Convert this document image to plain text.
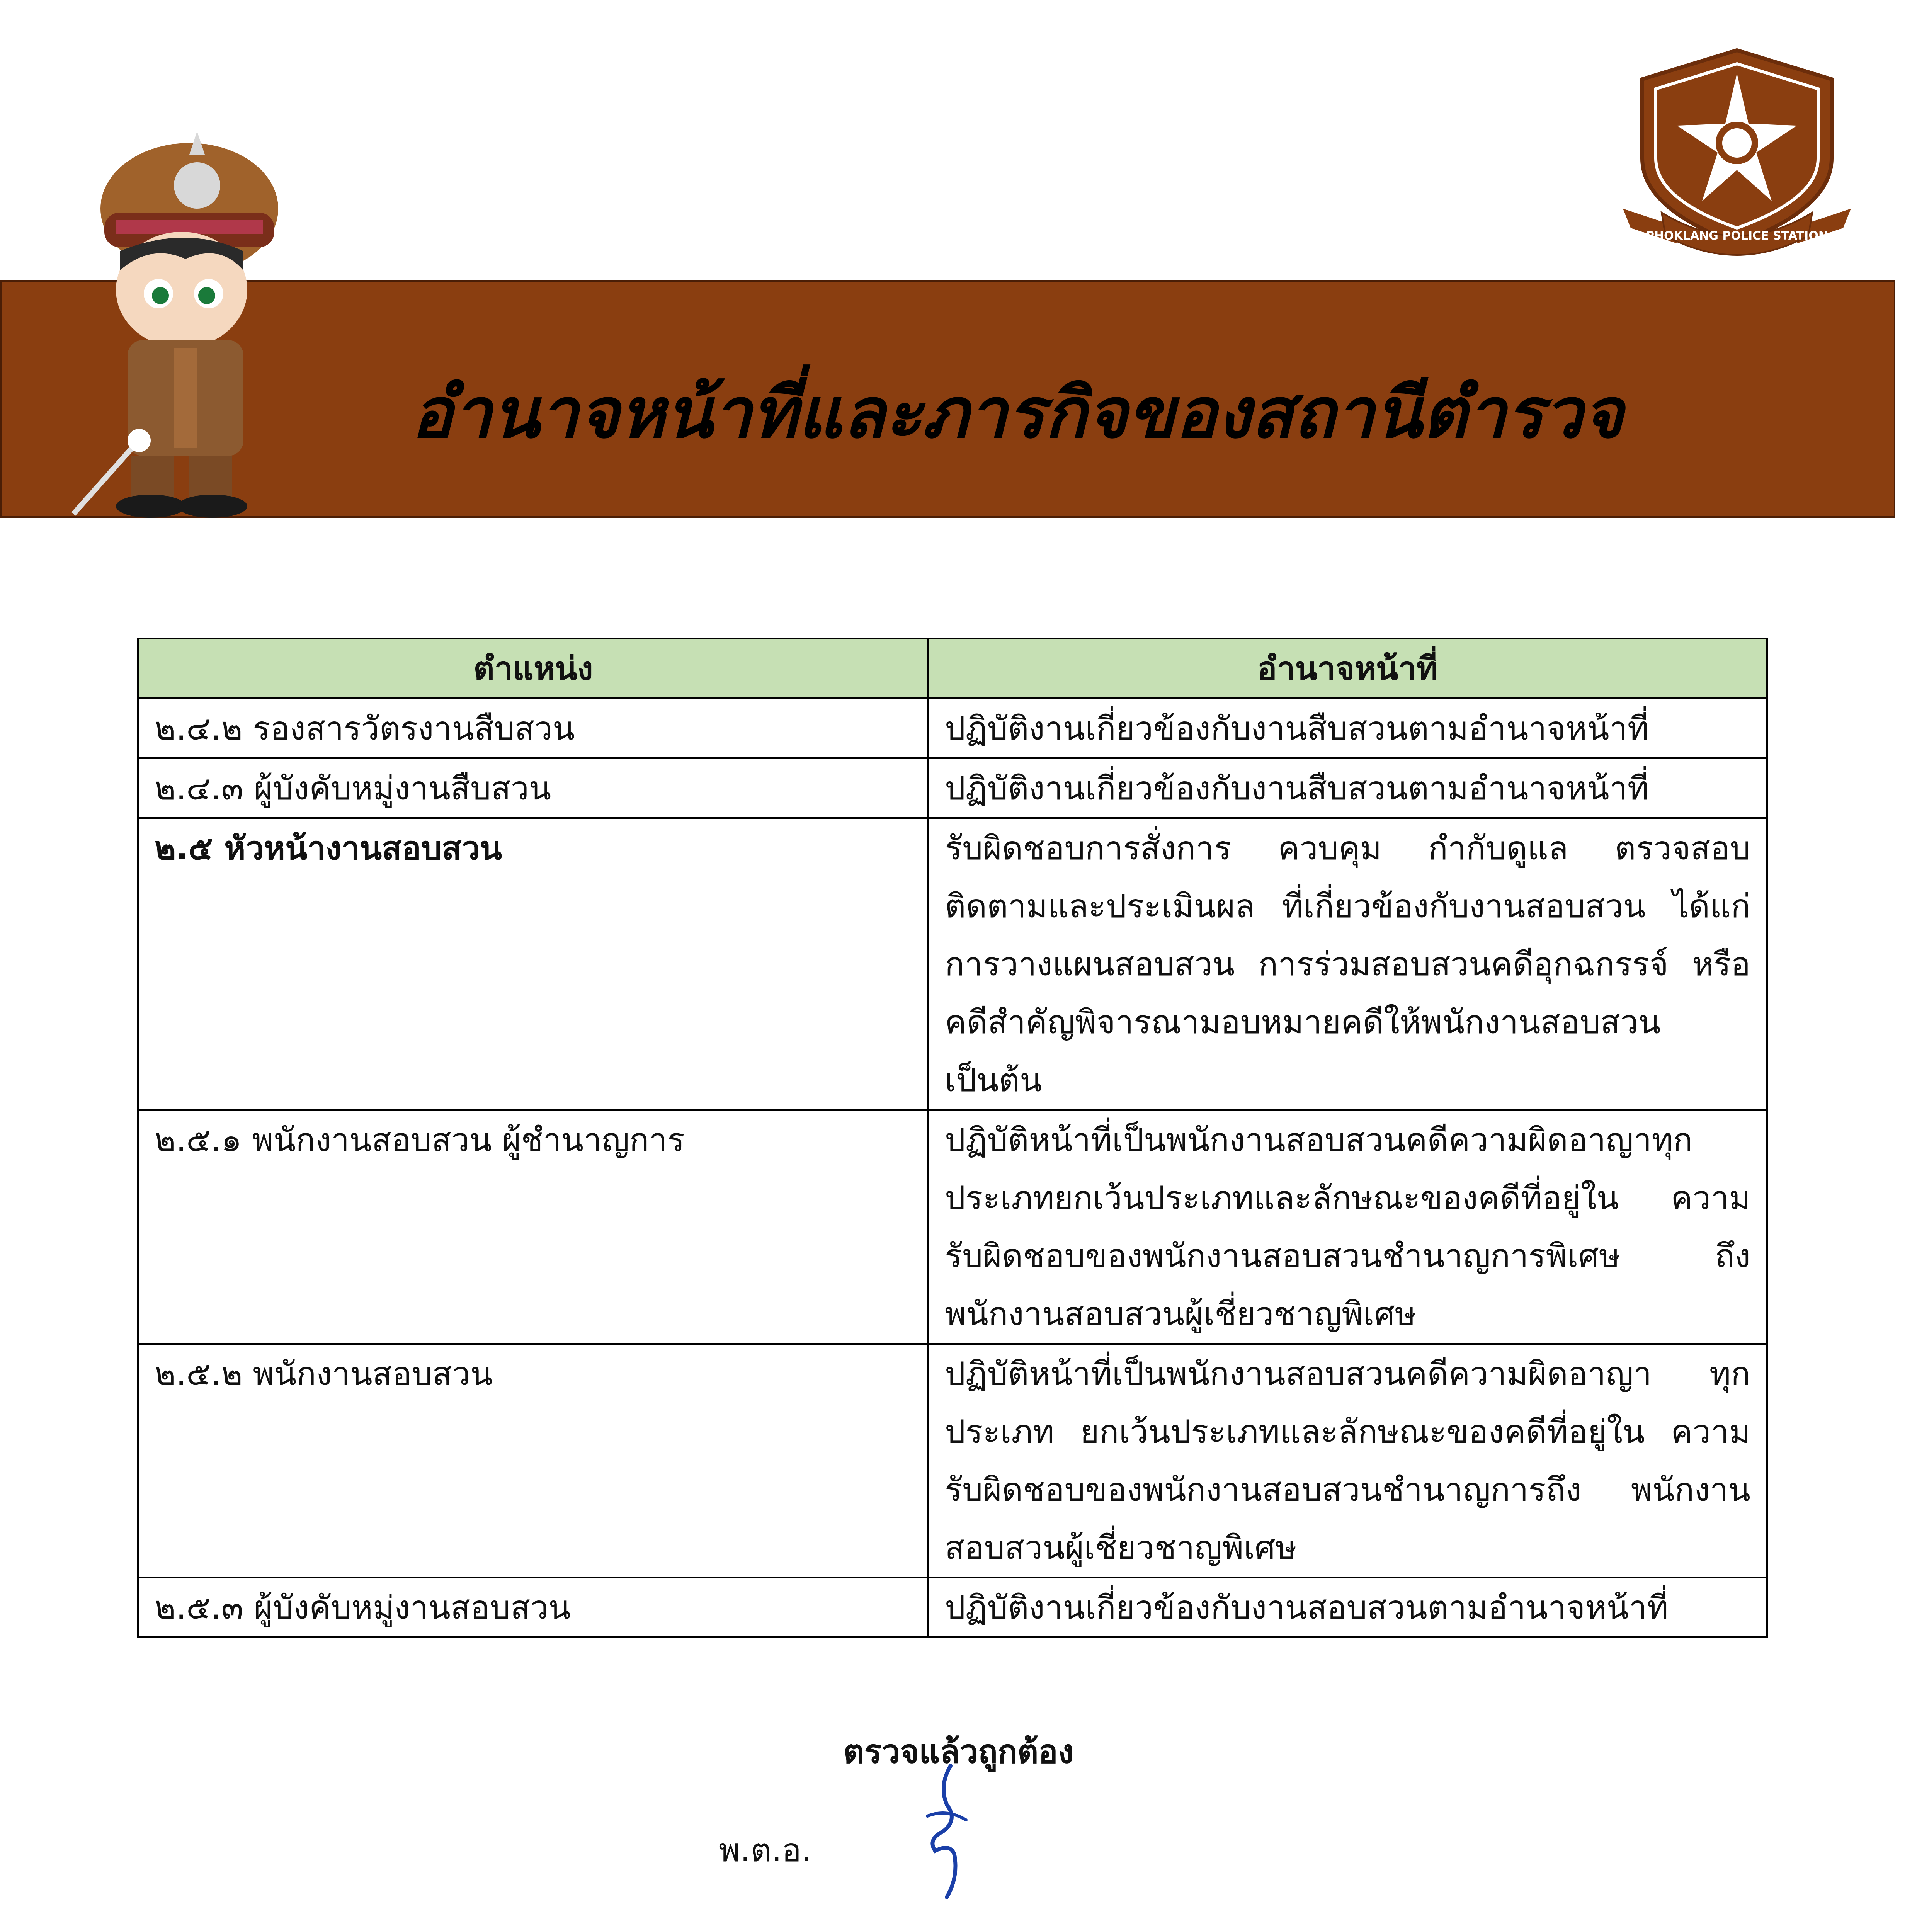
PHOKLANG POLICE STATION
อำนาจหน้าที่และภารกิจของสถานีตำรวจ
ตำแหน่ง	อำนาจหน้าที่
๒.๔.๒ รองสารวัตรงานสืบสวน	ปฏิบัติงานเกี่ยวข้องกับงานสืบสวนตามอำนาจหน้าที่
๒.๔.๓ ผู้บังคับหมู่งานสืบสวน	ปฏิบัติงานเกี่ยวข้องกับงานสืบสวนตามอำนาจหน้าที่
๒.๕ หัวหน้างานสอบสวน	รับผิดชอบการสั่งการ ควบคุม กำกับดูแล ตรวจสอบ ติดตามและประเมินผล ที่เกี่ยวข้องกับงานสอบสวน ได้แก่ การวางแผนสอบสวน การร่วมสอบสวนคดีอุกฉกรรจ์ หรือ คดีสำคัญพิจารณามอบหมายคดีให้พนักงานสอบสวน เป็นต้น
๒.๕.๑ พนักงานสอบสวน ผู้ชำนาญการ	ปฏิบัติหน้าที่เป็นพนักงานสอบสวนคดีความผิดอาญาทุก ประเภทยกเว้นประเภทและลักษณะของคดีที่อยู่ใน ความ รับผิดชอบของพนักงานสอบสวนชำนาญการพิเศษ ถึง พนักงานสอบสวนผู้เชี่ยวชาญพิเศษ
๒.๕.๒ พนักงานสอบสวน	ปฏิบัติหน้าที่เป็นพนักงานสอบสวนคดีความผิดอาญา ทุก ประเภท ยกเว้นประเภทและลักษณะของคดีที่อยู่ใน ความ รับผิดชอบของพนักงานสอบสวนชำนาญการถึง พนักงาน สอบสวนผู้เชี่ยวชาญพิเศษ
๒.๕.๓ ผู้บังคับหมู่งานสอบสวน	ปฏิบัติงานเกี่ยวข้องกับงานสอบสวนตามอำนาจหน้าที่
ตรวจแล้วถูกต้อง
พ.ต.อ.
